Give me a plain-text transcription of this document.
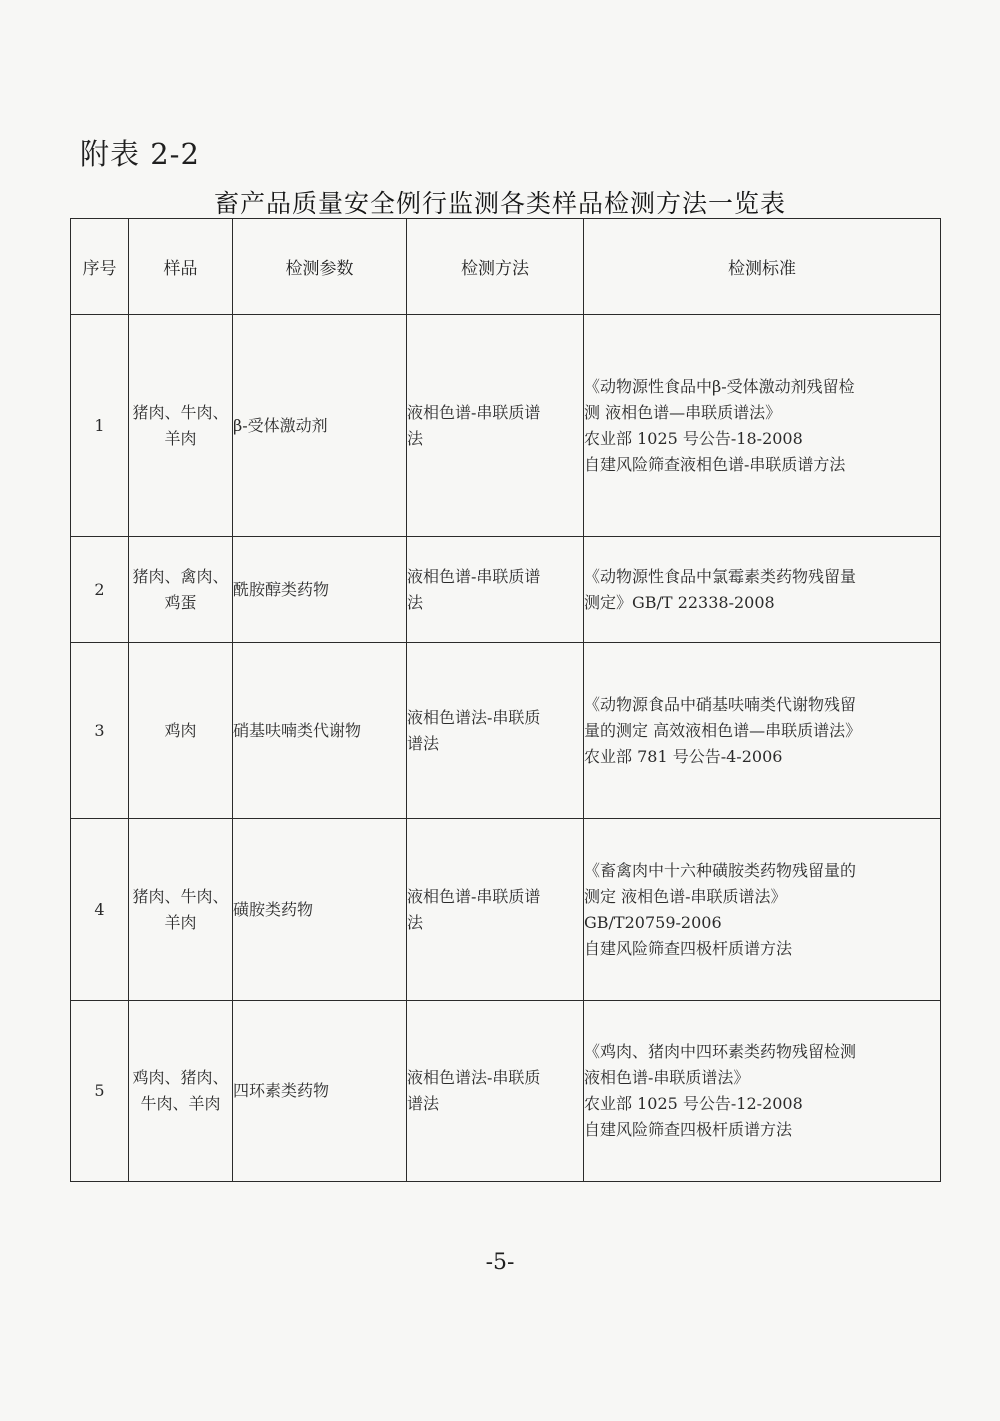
附表 2-2
畜产品质量安全例行监测各类样品检测方法一览表
序号	样品	检测参数	检测方法	检测标准
1	猪肉、牛肉、
羊肉	β-受体激动剂	液相色谱-串联质谱
法	《动物源性食品中β-受体激动剂残留检
测 液相色谱—串联质谱法》
农业部 1025 号公告-18-2008
自建风险筛查液相色谱-串联质谱方法

2	猪肉、禽肉、
鸡蛋	酰胺醇类药物	液相色谱-串联质谱
法	《动物源性食品中氯霉素类药物残留量
测定》GB/T 22338-2008

3	鸡肉	硝基呋喃类代谢物	液相色谱法-串联质
谱法	《动物源食品中硝基呋喃类代谢物残留
量的测定 高效液相色谱—串联质谱法》
农业部 781 号公告-4-2006

4	猪肉、牛肉、
羊肉	磺胺类药物	液相色谱-串联质谱
法	《畜禽肉中十六种磺胺类药物残留量的
测定 液相色谱-串联质谱法》
GB/T20759-2006
自建风险筛查四极杆质谱方法

5	鸡肉、猪肉、
牛肉、羊肉	四环素类药物	液相色谱法-串联质
谱法	《鸡肉、猪肉中四环素类药物残留检测
液相色谱-串联质谱法》
农业部 1025 号公告-12-2008
自建风险筛查四极杆质谱方法
-5-
